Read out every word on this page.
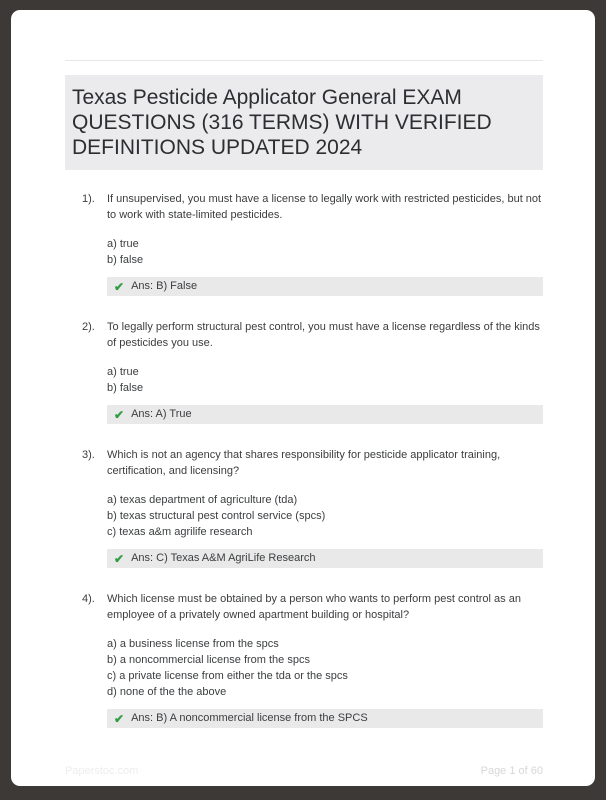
Texas Pesticide Applicator General EXAM QUESTIONS (316 TERMS) WITH VERIFIED DEFINITIONS UPDATED 2024
1).	If unsupervised, you must have a license to legally work with restricted pesticides, but not to work with state-limited pesticides.
a) true
b) false
✔ Ans: B) False
2).	To legally perform structural pest control, you must have a license regardless of the kinds of pesticides you use.
a) true
b) false
✔ Ans: A) True
3).	Which is not an agency that shares responsibility for pesticide applicator training, certification, and licensing?
a) texas department of agriculture (tda)
b) texas structural pest control service (spcs)
c) texas a&m agrilife research
✔ Ans: C) Texas A&M AgriLife Research
4).	Which license must be obtained by a person who wants to perform pest control as an employee of a privately owned apartment building or hospital?
a) a business license from the spcs
b) a noncommercial license from the spcs
c) a private license from either the tda or the spcs
d) none of the the above
✔ Ans: B) A noncommercial license from the SPCS
Paperstoc.com	Page 1 of 60
